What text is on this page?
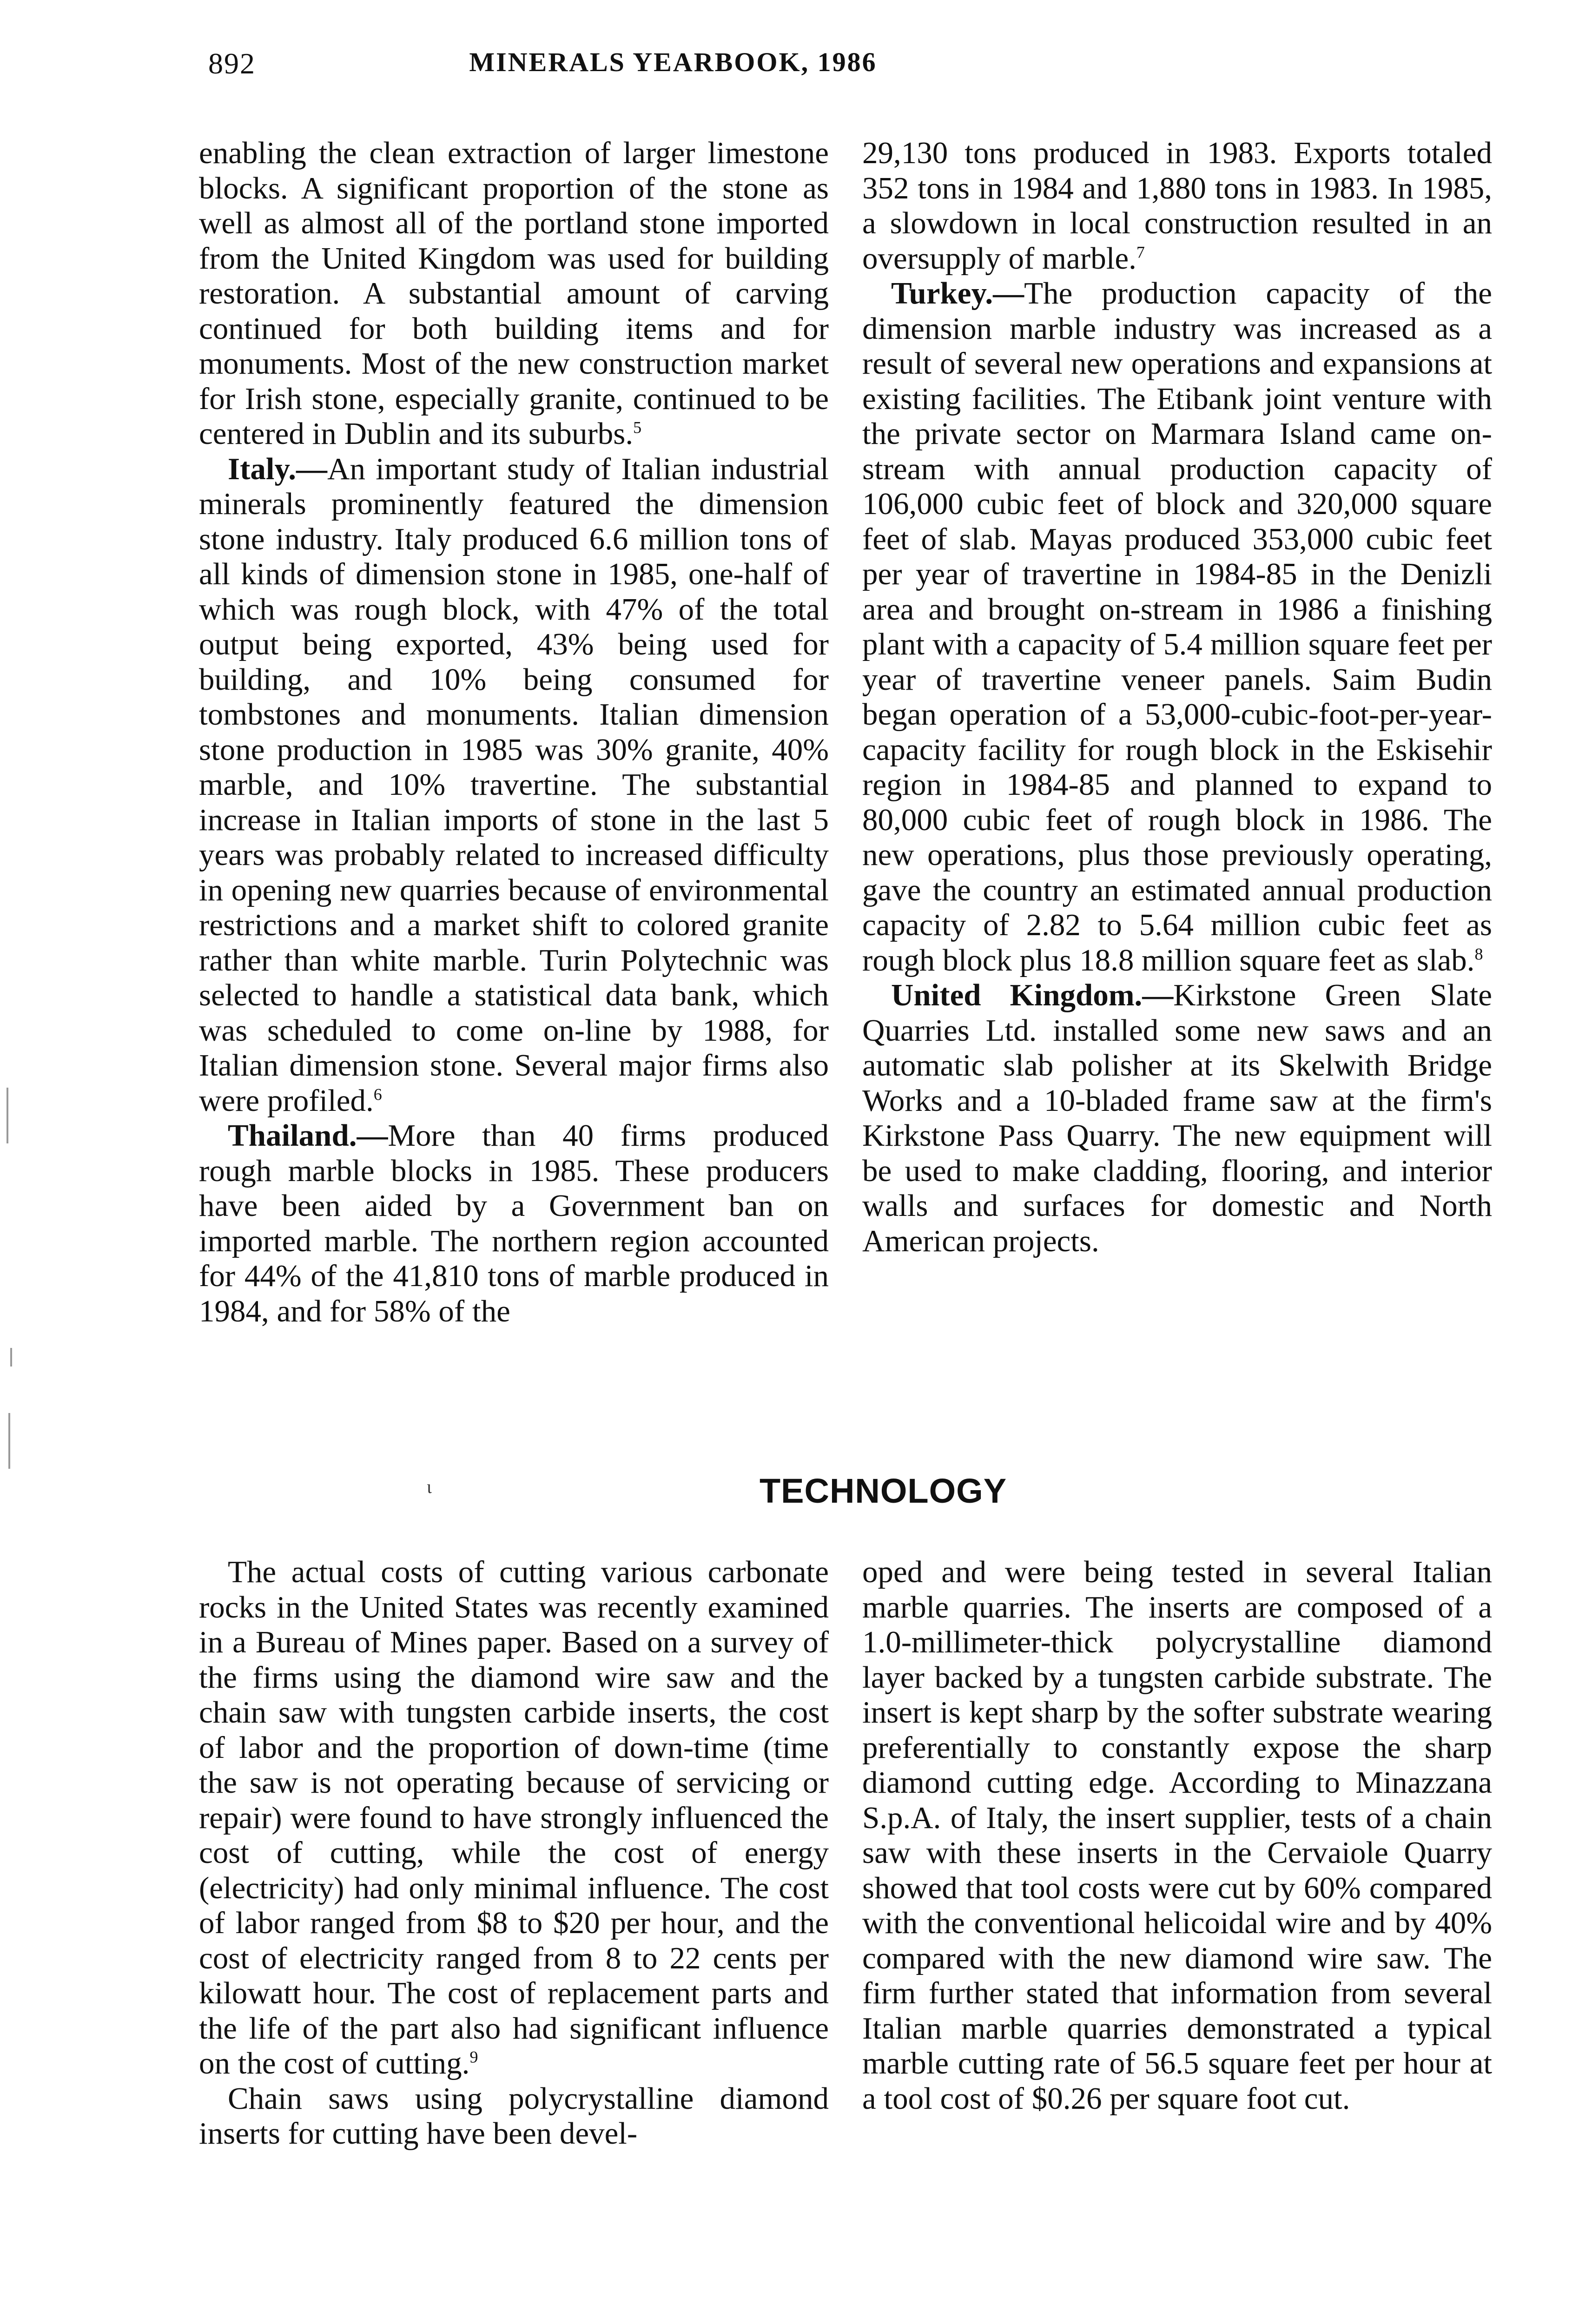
892	MINERALS YEARBOOK, 1986

enabling the clean extraction of larger limestone blocks. A significant proportion of the stone as well as almost all of the portland stone imported from the United Kingdom was used for building restoration. A substantial amount of carving continued for both building items and for monuments. Most of the new construction market for Irish stone, especially granite, continued to be centered in Dublin and its suburbs.$^5$

Italy.—An important study of Italian industrial minerals prominently featured the dimension stone industry. Italy produced 6.6 million tons of all kinds of dimension stone in 1985, one-half of which was rough block, with 47% of the total output being exported, 43% being used for building, and 10% being consumed for tombstones and monuments. Italian dimension stone production in 1985 was 30% granite, 40% marble, and 10% travertine. The substantial increase in Italian imports of stone in the last 5 years was probably related to increased difficulty in opening new quarries because of environmental restrictions and a market shift to colored granite rather than white marble. Turin Polytechnic was selected to handle a statistical data bank, which was scheduled to come on-line by 1988, for Italian dimension stone. Several major firms also were profiled.$^6$

Thailand.—More than 40 firms produced rough marble blocks in 1985. These producers have been aided by a Government ban on imported marble. The northern region accounted for 44% of the 41,810 tons of marble produced in 1984, and for 58% of the

29,130 tons produced in 1983. Exports totaled 352 tons in 1984 and 1,880 tons in 1983. In 1985, a slowdown in local construction resulted in an oversupply of marble.$^7$

Turkey.—The production capacity of the dimension marble industry was increased as a result of several new operations and expansions at existing facilities. The Etibank joint venture with the private sector on Marmara Island came on-stream with annual production capacity of 106,000 cubic feet of block and 320,000 square feet of slab. Mayas produced 353,000 cubic feet per year of travertine in 1984-85 in the Denizli area and brought on-stream in 1986 a finishing plant with a capacity of 5.4 million square feet per year of travertine veneer panels. Saim Budin began operation of a 53,000-cubic-foot-per-year-capacity facility for rough block in the Eskisehir region in 1984-85 and planned to expand to 80,000 cubic feet of rough block in 1986. The new operations, plus those previously operating, gave the country an estimated annual production capacity of 2.82 to 5.64 million cubic feet as rough block plus 18.8 million square feet as slab.$^8$

United Kingdom.—Kirkstone Green Slate Quarries Ltd. installed some new saws and an automatic slab polisher at its Skelwith Bridge Works and a 10-bladed frame saw at the firm's Kirkstone Pass Quarry. The new equipment will be used to make cladding, flooring, and interior walls and surfaces for domestic and North American projects.

ɩ	TECHNOLOGY

The actual costs of cutting various carbonate rocks in the United States was recently examined in a Bureau of Mines paper. Based on a survey of the firms using the diamond wire saw and the chain saw with tungsten carbide inserts, the cost of labor and the proportion of down-time (time the saw is not operating because of servicing or repair) were found to have strongly influenced the cost of cutting, while the cost of energy (electricity) had only minimal influence. The cost of labor ranged from $8 to $20 per hour, and the cost of electricity ranged from 8 to 22 cents per kilowatt hour. The cost of replacement parts and the life of the part also had significant influence on the cost of cutting.$^9$

Chain saws using polycrystalline diamond inserts for cutting have been devel-

oped and were being tested in several Italian marble quarries. The inserts are composed of a 1.0-millimeter-thick polycrystalline diamond layer backed by a tungsten carbide substrate. The insert is kept sharp by the softer substrate wearing preferentially to constantly expose the sharp diamond cutting edge. According to Minazzana S.p.A. of Italy, the insert supplier, tests of a chain saw with these inserts in the Cervaiole Quarry showed that tool costs were cut by 60% compared with the conventional helicoidal wire and by 40% compared with the new diamond wire saw. The firm further stated that information from several Italian marble quarries demonstrated a typical marble cutting rate of 56.5 square feet per hour at a tool cost of $0.26 per square foot cut.
